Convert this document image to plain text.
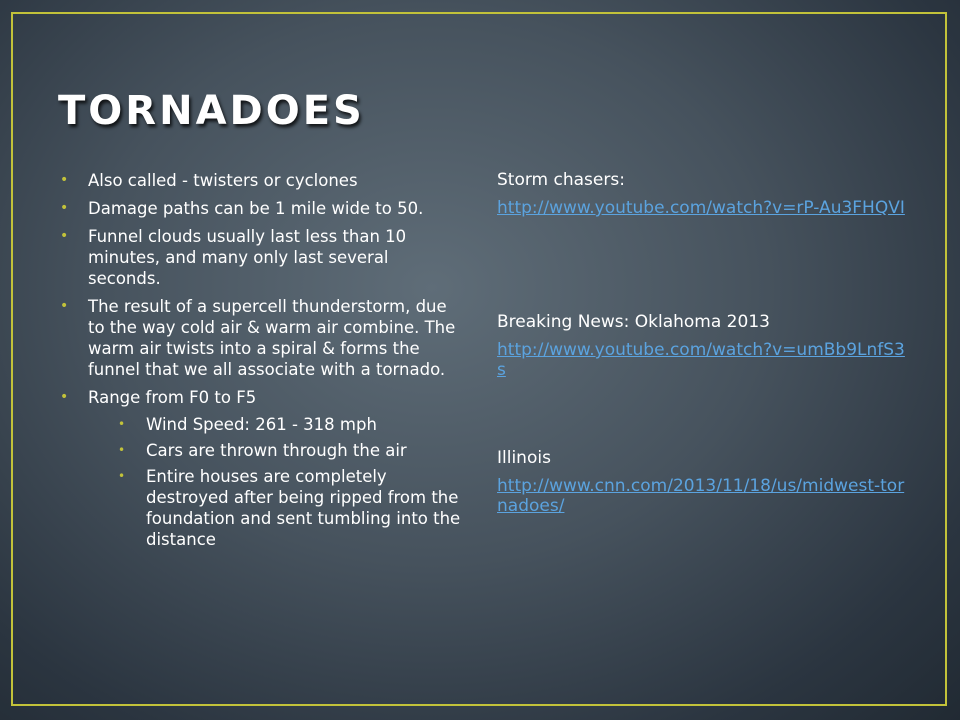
TORNADOES
• Also called - twisters or cyclones
• Damage paths can be 1 mile wide to 50.
• Funnel clouds usually last less than 10 minutes, and many only last several seconds.
• The result of a supercell thunderstorm, due to the way cold air & warm air combine. The warm air twists into a spiral & forms the funnel that we all associate with a tornado.
• Range from F0 to F5
• Wind Speed: 261 - 318 mph
• Cars are thrown through the air
• Entire houses are completely destroyed after being ripped from the foundation and sent tumbling into the distance

Storm chasers:

http://www.youtube.com/watch?v=rP-Au3FHQVI

Breaking News: Oklahoma 2013

http://www.youtube.com/watch?v=umBb9LnfS3s

Illinois

http://www.cnn.com/2013/11/18/us/midwest-tornadoes/
